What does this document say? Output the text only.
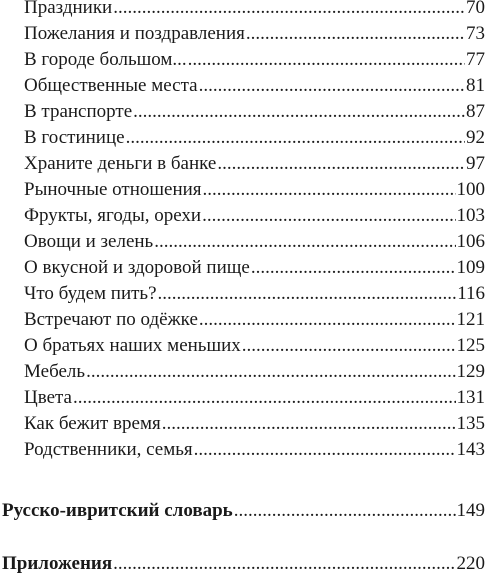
Праздники .....	70
Пожелания и поздравления .....	73
В городе большом... .....	77
Общественные места .....	81
В транспорте .....	87
В гостинице .....	92
Храните деньги в банке .....	97
Рыночные отношения .....	100
Фрукты, ягоды, орехи .....	103
Овощи и зелень .....	106
О вкусной и здоровой пище .....	109
Что будем пить? .....	116
Встречают по одёжке .....	121
О братьях наших меньших .....	125
Мебель .....	129
Цвета .....	131
Как бежит время .....	135
Родственники, семья .....	143
Русско-ивритский словарь .....	149
Приложения .....	220
